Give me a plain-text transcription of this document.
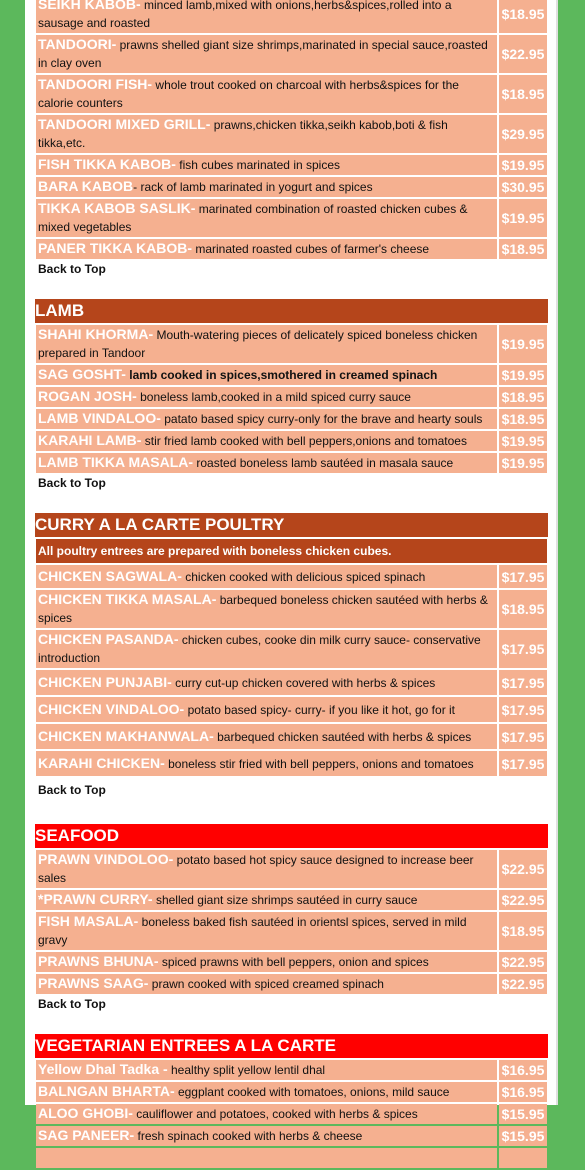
SEIKH KABOB- minced lamb,mixed with onions,herbs&spices,rolled into a sausage and roasted	$18.95
TANDOORI- prawns shelled giant size shrimps,marinated in special sauce,roasted in clay oven	$22.95
TANDOORI FISH- whole trout cooked on charcoal with herbs&spices for the calorie counters	$18.95
TANDOORI MIXED GRILL- prawns,chicken tikka,seikh kabob,boti & fish tikka,etc.	$29.95
FISH TIKKA KABOB- fish cubes marinated in spices	$19.95
BARA KABOB- rack of lamb marinated in yogurt and spices	$30.95
TIKKA KABOB SASLIK- marinated combination of roasted chicken cubes & mixed vegetables	$19.95
PANER TIKKA KABOB- marinated roasted cubes of farmer's cheese	$18.95
Back to Top
LAMB
SHAHI KHORMA- Mouth-watering pieces of delicately spiced boneless chicken prepared in Tandoor	$19.95
SAG GOSHT- lamb cooked in spices,smothered in creamed spinach	$19.95
ROGAN JOSH- boneless lamb,cooked in a mild spiced curry sauce	$18.95
LAMB VINDALOO- patato based spicy curry-only for the brave and hearty souls	$18.95
KARAHI LAMB- stir fried lamb cooked with bell peppers,onions and tomatoes	$19.95
LAMB TIKKA MASALA- roasted boneless lamb sautéed in masala sauce	$19.95
Back to Top
CURRY A LA CARTE POULTRY
All poultry entrees are prepared with boneless chicken cubes.	
CHICKEN SAGWALA- chicken cooked with delicious spiced spinach	$17.95
CHICKEN TIKKA MASALA- barbequed boneless chicken sautéed with herbs & spices	$18.95
CHICKEN PASANDA- chicken cubes, cooke din milk curry sauce- conservative introduction	$17.95
CHICKEN PUNJABI- curry cut-up chicken covered with herbs & spices	$17.95
CHICKEN VINDALOO- potato based spicy- curry- if you like it hot, go for it	$17.95
CHICKEN MAKHANWALA- barbequed chicken sautéed with herbs & spices	$17.95
KARAHI CHICKEN- boneless stir fried with bell peppers, onions and tomatoes	$17.95
Back to Top
SEAFOOD
PRAWN VINDOLOO- potato based hot spicy sauce designed to increase beer sales	$22.95
*PRAWN CURRY- shelled giant size shrimps sautéed in curry sauce	$22.95
FISH MASALA- boneless baked fish sautéed in orientsl spices, served in mild gravy	$18.95
PRAWNS BHUNA- spiced prawns with bell peppers, onion and spices	$22.95
PRAWNS SAAG- prawn cooked with spiced creamed spinach	$22.95
Back to Top
VEGETARIAN ENTREES A LA CARTE
Yellow Dhal Tadka - healthy split yellow lentil dhal	$16.95
BALNGAN BHARTA- eggplant cooked with tomatoes, onions, mild sauce	$16.95
ALOO GHOBI- cauliflower and potatoes, cooked with herbs & spices	$15.95
SAG PANEER- fresh spinach cooked with herbs & cheese	$15.95
